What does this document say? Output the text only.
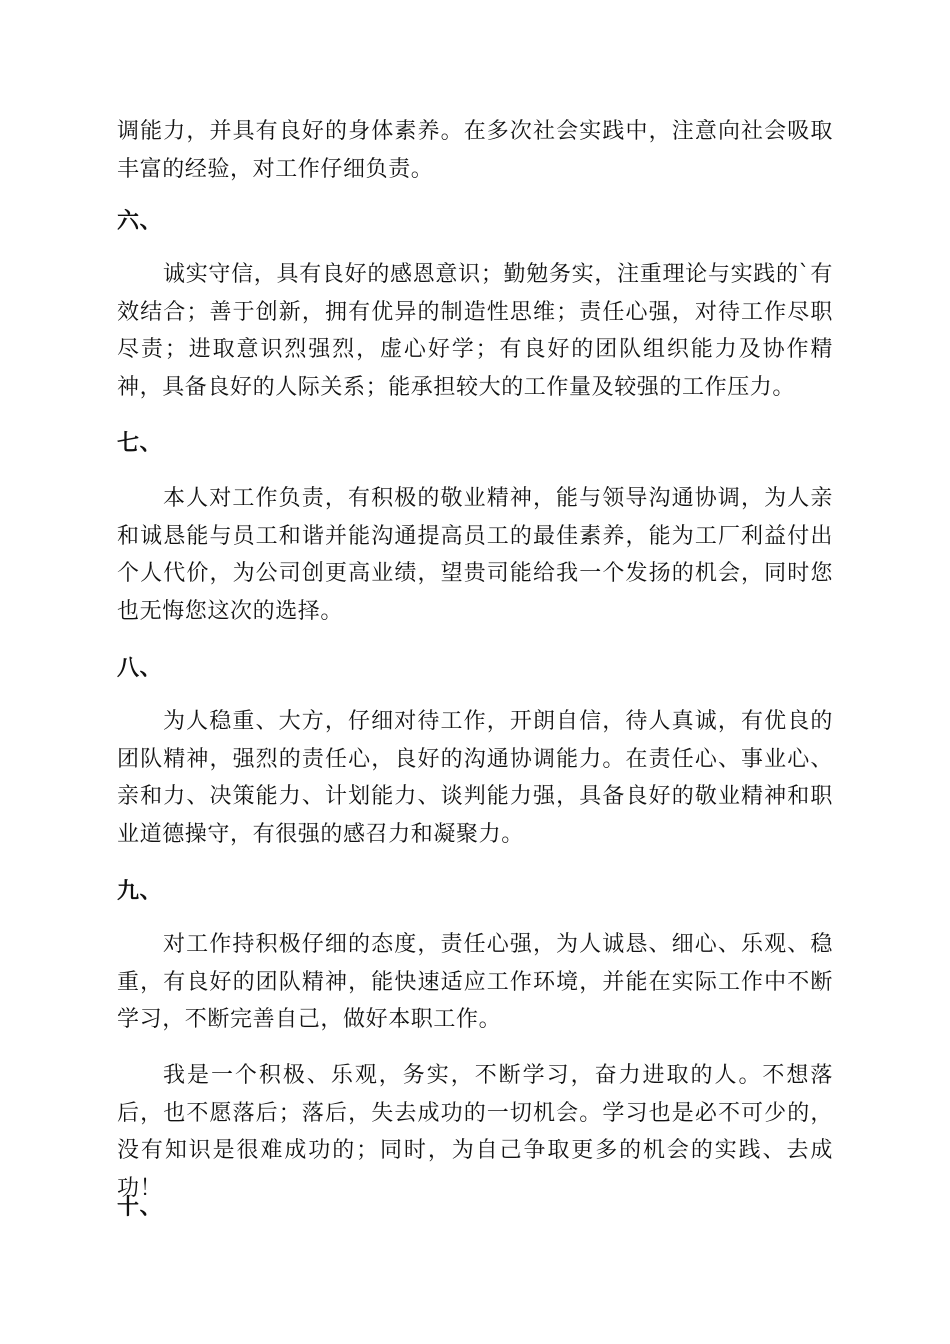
调能力，并具有良好的身体素养。在多次社会实践中，注意向社会吸取丰富的经验，对工作仔细负责。

六、

诚实守信，具有良好的感恩意识；勤勉务实，注重理论与实践的`有效结合；善于创新，拥有优异的制造性思维；责任心强，对待工作尽职尽责；进取意识烈强烈，虚心好学；有良好的团队组织能力及协作精神，具备良好的人际关系；能承担较大的工作量及较强的工作压力。

七、

本人对工作负责，有积极的敬业精神，能与领导沟通协调，为人亲和诚恳能与员工和谐并能沟通提高员工的最佳素养，能为工厂利益付出个人代价，为公司创更高业绩，望贵司能给我一个发扬的机会，同时您也无悔您这次的选择。

八、

为人稳重、大方，仔细对待工作，开朗自信，待人真诚，有优良的团队精神，强烈的责任心，良好的沟通协调能力。在责任心、事业心、亲和力、决策能力、计划能力、谈判能力强，具备良好的敬业精神和职业道德操守，有很强的感召力和凝聚力。

九、

对工作持积极仔细的态度，责任心强，为人诚恳、细心、乐观、稳重，有良好的团队精神，能快速适应工作环境，并能在实际工作中不断学习，不断完善自己，做好本职工作。

我是一个积极、乐观，务实，不断学习，奋力进取的人。不想落后，也不愿落后；落后，失去成功的一切机会。学习也是必不可少的，没有知识是很难成功的；同时，为自己争取更多的机会的实践、去成功！

十、
